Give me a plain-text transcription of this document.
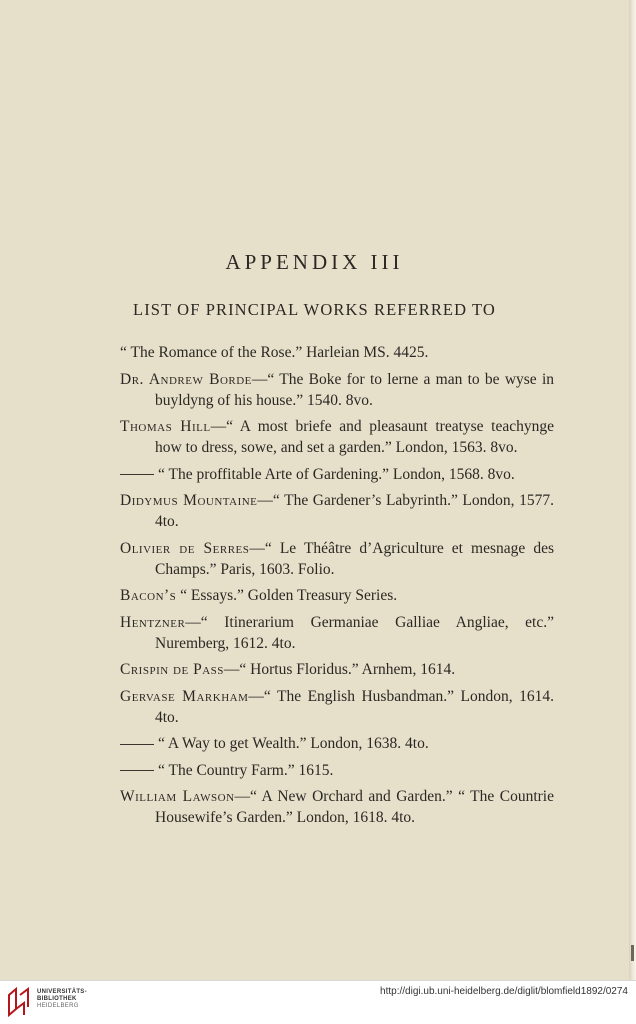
APPENDIX III
LIST OF PRINCIPAL WORKS REFERRED TO

“ The Romance of the Rose.” Harleian MS. 4425.

Dr. Andrew Borde—“ The Boke for to lerne a man to be wyse in buyldyng of his house.” 1540. 8vo.

Thomas Hill—“ A most briefe and pleasaunt treatyse teachynge how to dress, sowe, and set a garden.” London, 1563. 8vo.

“ The proffitable Arte of Gardening.” London, 1568. 8vo.

Didymus Mountaine—“ The Gardener’s Labyrinth.” London, 1577. 4to.

Olivier de Serres—“ Le Théâtre d’Agriculture et mesnage des Champs.” Paris, 1603. Folio.

Bacon’s “ Essays.” Golden Treasury Series.

Hentzner—“ Itinerarium Germaniae Galliae Angliae, etc.” Nuremberg, 1612. 4to.

Crispin de Pass—“ Hortus Floridus.” Arnhem, 1614.

Gervase Markham—“ The English Husbandman.” London, 1614. 4to.

“ A Way to get Wealth.” London, 1638. 4to.

“ The Country Farm.” 1615.

William Lawson—“ A New Orchard and Garden.” “ The Countrie Housewife’s Garden.” London, 1618. 4to.

UNIVERSITÄTS-
BIBLIOTHEK
HEIDELBERG
http://digi.ub.uni-heidelberg.de/diglit/blomfield1892/0274
